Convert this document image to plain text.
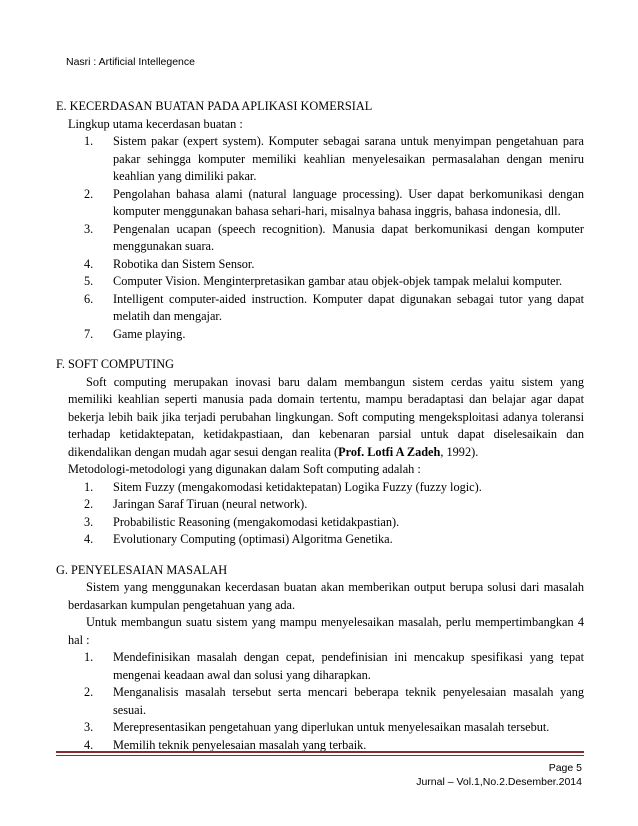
Nasri : Artificial Intellegence

E. KECERDASAN BUATAN PADA APLIKASI KOMERSIAL

Lingkup utama kecerdasan buatan :
1. Sistem pakar (expert system). Komputer sebagai sarana untuk menyimpan pengetahuan para pakar sehingga komputer memiliki keahlian menyelesaikan permasalahan dengan meniru keahlian yang dimiliki pakar.
2. Pengolahan bahasa alami (natural language processing). User dapat berkomunikasi dengan komputer menggunakan bahasa sehari-hari, misalnya bahasa inggris, bahasa indonesia, dll.
3. Pengenalan ucapan (speech recognition). Manusia dapat berkomunikasi dengan komputer menggunakan suara.
4. Robotika dan Sistem Sensor.
5. Computer Vision. Menginterpretasikan gambar atau objek-objek tampak melalui komputer.
6. Intelligent computer-aided instruction. Komputer dapat digunakan sebagai tutor yang dapat melatih dan mengajar.
7. Game playing.

F. SOFT COMPUTING

Soft computing merupakan inovasi baru dalam membangun sistem cerdas yaitu sistem yang memiliki keahlian seperti manusia pada domain tertentu, mampu beradaptasi dan belajar agar dapat bekerja lebih baik jika terjadi perubahan lingkungan. Soft computing mengeksploitasi adanya toleransi terhadap ketidaktepatan, ketidakpastiaan, dan kebenaran parsial untuk dapat diselesaikain dan dikendalikan dengan mudah agar sesui dengan realita (Prof. Lotfi A Zadeh, 1992).
Metodologi-metodologi yang digunakan dalam Soft computing adalah :
1. Sitem Fuzzy (mengakomodasi ketidaktepatan) Logika Fuzzy (fuzzy logic).
2. Jaringan Saraf Tiruan (neural network).
3. Probabilistic Reasoning (mengakomodasi ketidakpastian).
4. Evolutionary Computing (optimasi) Algoritma Genetika.

G. PENYELESAIAN MASALAH

Sistem yang menggunakan kecerdasan buatan akan memberikan output berupa solusi dari masalah berdasarkan kumpulan pengetahuan yang ada.
Untuk membangun suatu sistem yang mampu menyelesaikan masalah, perlu mempertimbangkan 4 hal :
1. Mendefinisikan masalah dengan cepat, pendefinisian ini mencakup spesifikasi yang tepat mengenai keadaan awal dan solusi yang diharapkan.
2. Menganalisis masalah tersebut serta mencari beberapa teknik penyelesaian masalah yang sesuai.
3. Merepresentasikan pengetahuan yang diperlukan untuk menyelesaikan masalah tersebut.
4. Memilih teknik penyelesaian masalah yang terbaik.
Page 5
Jurnal – Vol.1,No.2.Desember.2014
